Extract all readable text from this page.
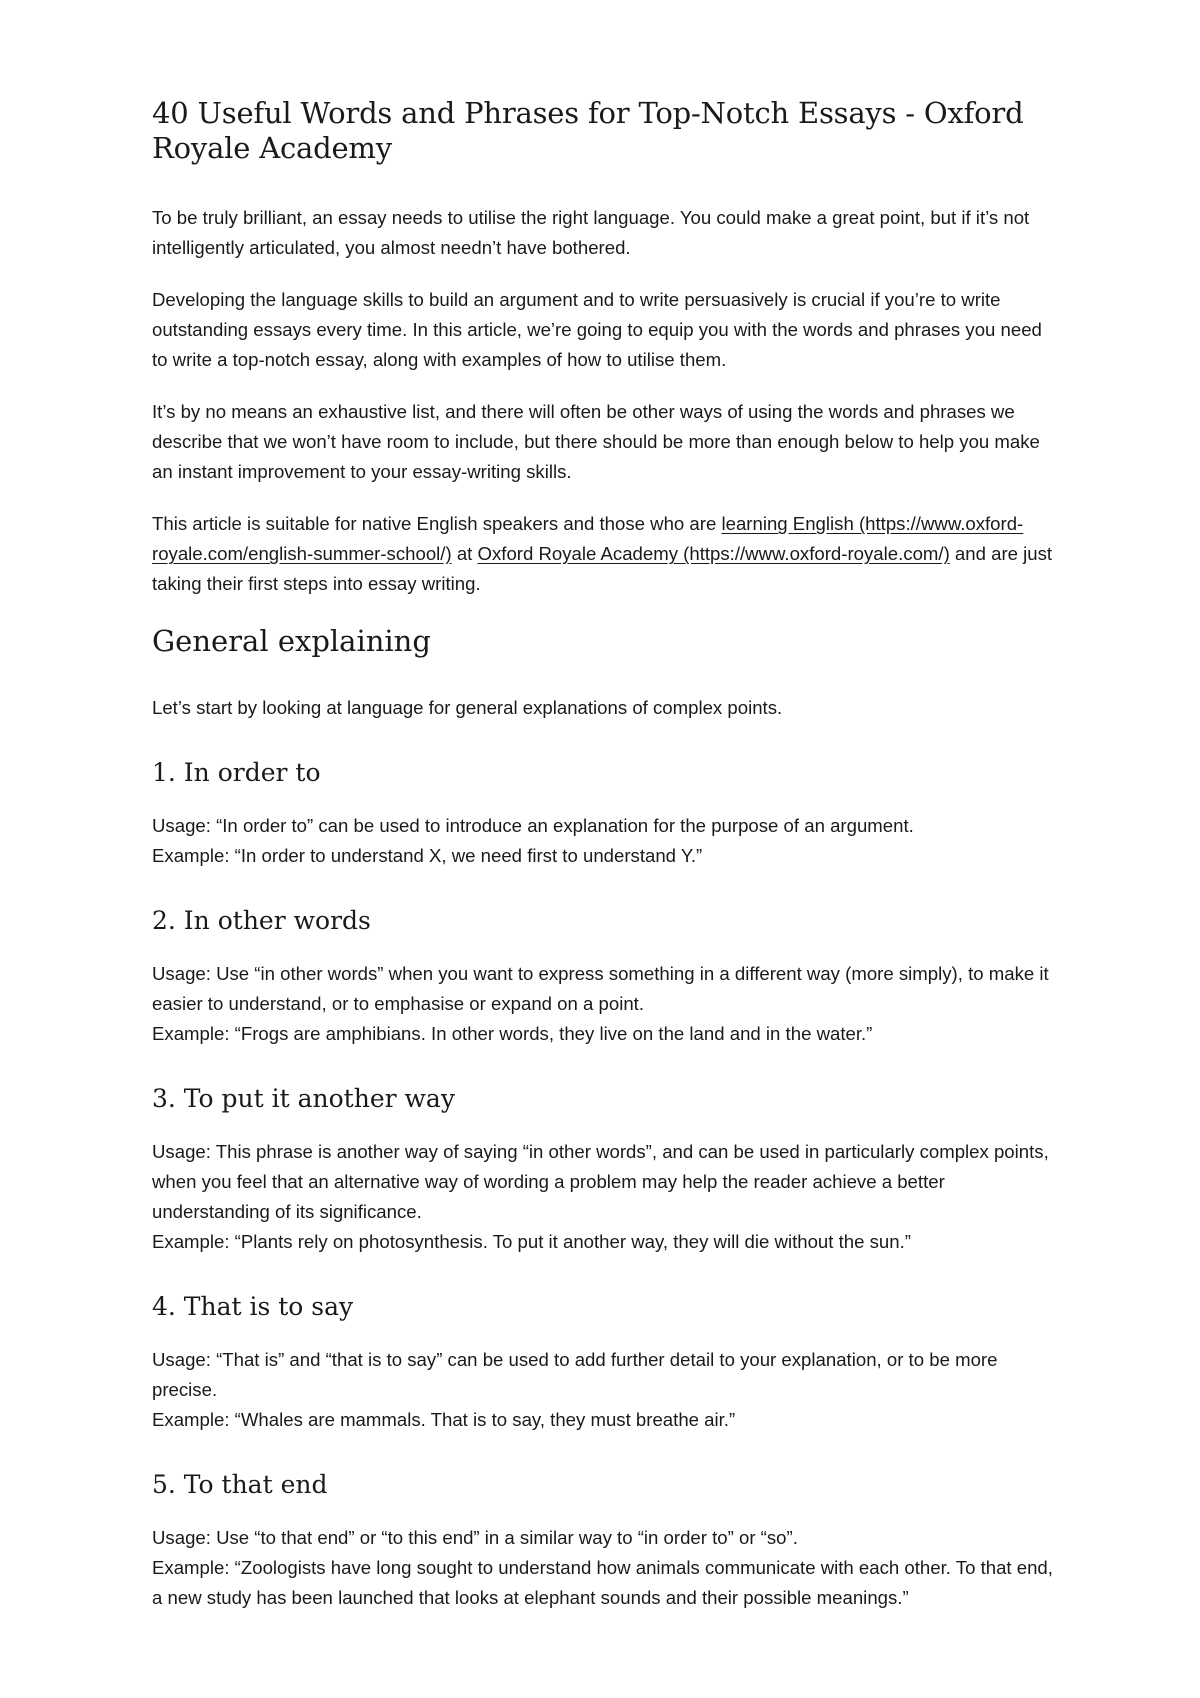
40 Useful Words and Phrases for Top-Notch Essays - Oxford Royale Academy

To be truly brilliant, an essay needs to utilise the right language. You could make a great point, but if it’s not intelligently articulated, you almost needn’t have bothered.

Developing the language skills to build an argument and to write persuasively is crucial if you’re to write outstanding essays every time. In this article, we’re going to equip you with the words and phrases you need to write a top-notch essay, along with examples of how to utilise them.

It’s by no means an exhaustive list, and there will often be other ways of using the words and phrases we describe that we won’t have room to include, but there should be more than enough below to help you make an instant improvement to your essay-writing skills.

This article is suitable for native English speakers and those who are learning English (https://www.oxford-royale.com/english-summer-school/) at Oxford Royale Academy (https://www.oxford-royale.com/) and are just taking their first steps into essay writing.

General explaining

Let’s start by looking at language for general explanations of complex points.

1. In order to

Usage: “In order to” can be used to introduce an explanation for the purpose of an argument.
Example: “In order to understand X, we need first to understand Y.”

2. In other words

Usage: Use “in other words” when you want to express something in a different way (more simply), to make it easier to understand, or to emphasise or expand on a point.
Example: “Frogs are amphibians. In other words, they live on the land and in the water.”

3. To put it another way

Usage: This phrase is another way of saying “in other words”, and can be used in particularly complex points, when you feel that an alternative way of wording a problem may help the reader achieve a better understanding of its significance.
Example: “Plants rely on photosynthesis. To put it another way, they will die without the sun.”

4. That is to say

Usage: “That is” and “that is to say” can be used to add further detail to your explanation, or to be more precise.
Example: “Whales are mammals. That is to say, they must breathe air.”

5. To that end

Usage: Use “to that end” or “to this end” in a similar way to “in order to” or “so”.
Example: “Zoologists have long sought to understand how animals communicate with each other. To that end, a new study has been launched that looks at elephant sounds and their possible meanings.”
